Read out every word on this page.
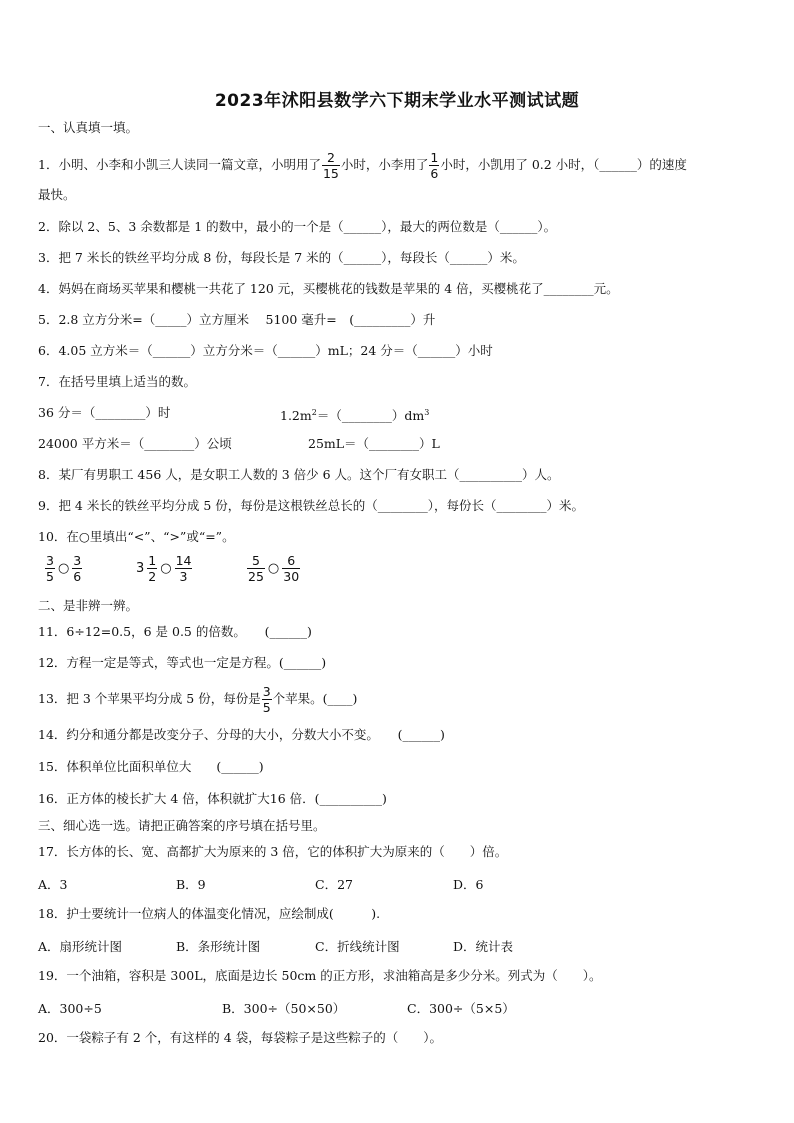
2023年沭阳县数学六下期末学业水平测试试题
一、认真填一填。
1．小明、小李和小凯三人读同一篇文章，小明用了 $\frac{2}{15}$ 小时，小李用了 $\frac{1}{6}$ 小时，小凯用了 0.2 小时，（______）的速度
最快。
2．除以 2、5、3 余数都是 1 的数中，最小的一个是（______），最大的两位数是（______）。
3．把 7 米长的铁丝平均分成 8 份，每段长是 7 米的（______），每段长（______）米。
4．妈妈在商场买苹果和樱桃一共花了 120 元，买樱桃花的钱数是苹果的 4 倍，买樱桃花了________元。
5．2.8 立方分米=（_____）立方厘米　 5100 毫升=　(_________）升
6．4.05 立方米＝（______）立方分米＝（______）mL；24 分＝（______）小时
7．在括号里填上适当的数。
36 分＝（________）时	$1.2m^2=(\_\_\_\_\_\_\_\_)dm^3$
24000 平方米＝（________）公顷	25mL＝（________）L
8．某厂有男职工 456 人，是女职工人数的 3 倍少 6 人。这个厂有女职工（__________）人。
9．把 4 米长的铁丝平均分成 5 份，每份是这根铁丝总长的（________），每份长（________）米。
10．在○里填出“<”、“>”或“=”。
$\frac{3}{5}$ ○ $\frac{3}{6}$	$3 \frac{1}{2}$ ○ $\frac{14}{3}$	$\frac{5}{25}$ ○ $\frac{6}{30}$
二、是非辨一辨。
11．6÷12=0.5，6 是 0.5 的倍数。　　(______)
12．方程一定是等式，等式也一定是方程。(______)
13．把 3 个苹果平均分成 5 份，每份是 $\frac{3}{5}$ 个苹果。(____)
14．约分和通分都是改变分子、分母的大小，分数大小不变。　　(______)
15．体积单位比面积单位大　　(______)
16．正方体的棱长扩大 4 倍，体积就扩大16 倍．(__________)
三、细心选一选。请把正确答案的序号填在括号里。
17．长方体的长、宽、高都扩大为原来的 3 倍，它的体积扩大为原来的（　　）倍。
A．3	B．9	C．27	D．6
18．护士要统计一位病人的体温变化情况，应绘制成(　　　).
A．扇形统计图	B．条形统计图	C．折线统计图	D．统计表
19．一个油箱，容积是 300L，底面是边长 50cm 的正方形，求油箱高是多少分米。列式为（　　）。
A．300÷5	B．300÷（50×50）	C．300÷（5×5）
20．一袋粽子有 2 个，有这样的 4 袋，每袋粽子是这些粽子的（　　）。
